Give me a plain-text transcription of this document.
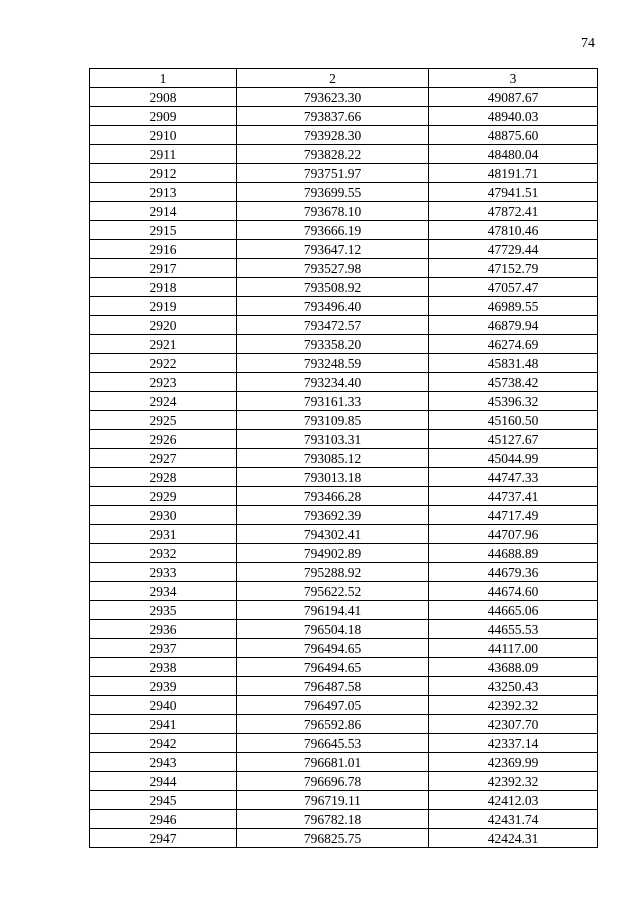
74
1	2	3
2908	793623.30	49087.67
2909	793837.66	48940.03
2910	793928.30	48875.60
2911	793828.22	48480.04
2912	793751.97	48191.71
2913	793699.55	47941.51
2914	793678.10	47872.41
2915	793666.19	47810.46
2916	793647.12	47729.44
2917	793527.98	47152.79
2918	793508.92	47057.47
2919	793496.40	46989.55
2920	793472.57	46879.94
2921	793358.20	46274.69
2922	793248.59	45831.48
2923	793234.40	45738.42
2924	793161.33	45396.32
2925	793109.85	45160.50
2926	793103.31	45127.67
2927	793085.12	45044.99
2928	793013.18	44747.33
2929	793466.28	44737.41
2930	793692.39	44717.49
2931	794302.41	44707.96
2932	794902.89	44688.89
2933	795288.92	44679.36
2934	795622.52	44674.60
2935	796194.41	44665.06
2936	796504.18	44655.53
2937	796494.65	44117.00
2938	796494.65	43688.09
2939	796487.58	43250.43
2940	796497.05	42392.32
2941	796592.86	42307.70
2942	796645.53	42337.14
2943	796681.01	42369.99
2944	796696.78	42392.32
2945	796719.11	42412.03
2946	796782.18	42431.74
2947	796825.75	42424.31
